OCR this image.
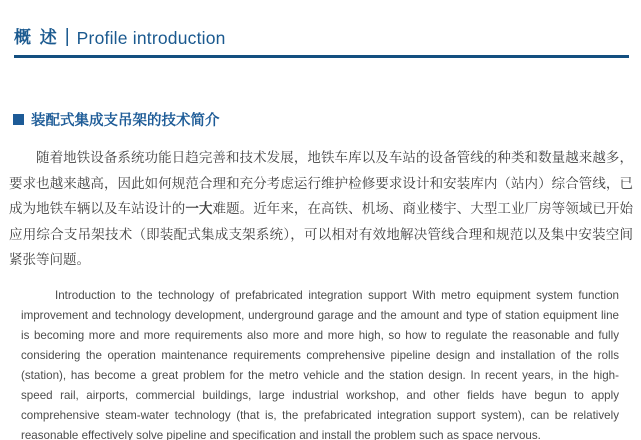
概 述 | Profile introduction
装配式集成支吊架的技术简介

随着地铁设备系统功能日趋完善和技术发展，地铁车库以及车站的设备管线的种类和数量越来越多， 要求也越来越高，因此如何规范合理和充分考虑运行维护检修要求设计和安装库内（站内）综合管线，已成为地铁车辆以及车站设计的一大难题。近年来，在高铁、机场、商业楼宇、大型工业厂房等领域已开始应用综合支吊架技术（即装配式集成支架系统），可以相对有效地解决管线合理和规范以及集中安装空间紧张等问题。

Introduction to the technology of prefabricated integration support With metro equipment system function improvement and technology development, underground garage and the amount and type of station equipment line is becoming more and more requirements also more and more high, so how to regulate the reasonable and fully considering the operation maintenance requirements comprehensive pipeline design and installation of the rolls (station), has become a great problem for the metro vehicle and the station design. In recent years, in the high-speed rail, airports, commercial buildings, large industrial workshop, and other fields have begun to apply comprehensive steam-water technology (that is, the prefabricated integration support system), can be relatively reasonable effectively solve pipeline and specification and install the problem such as space nervous.
